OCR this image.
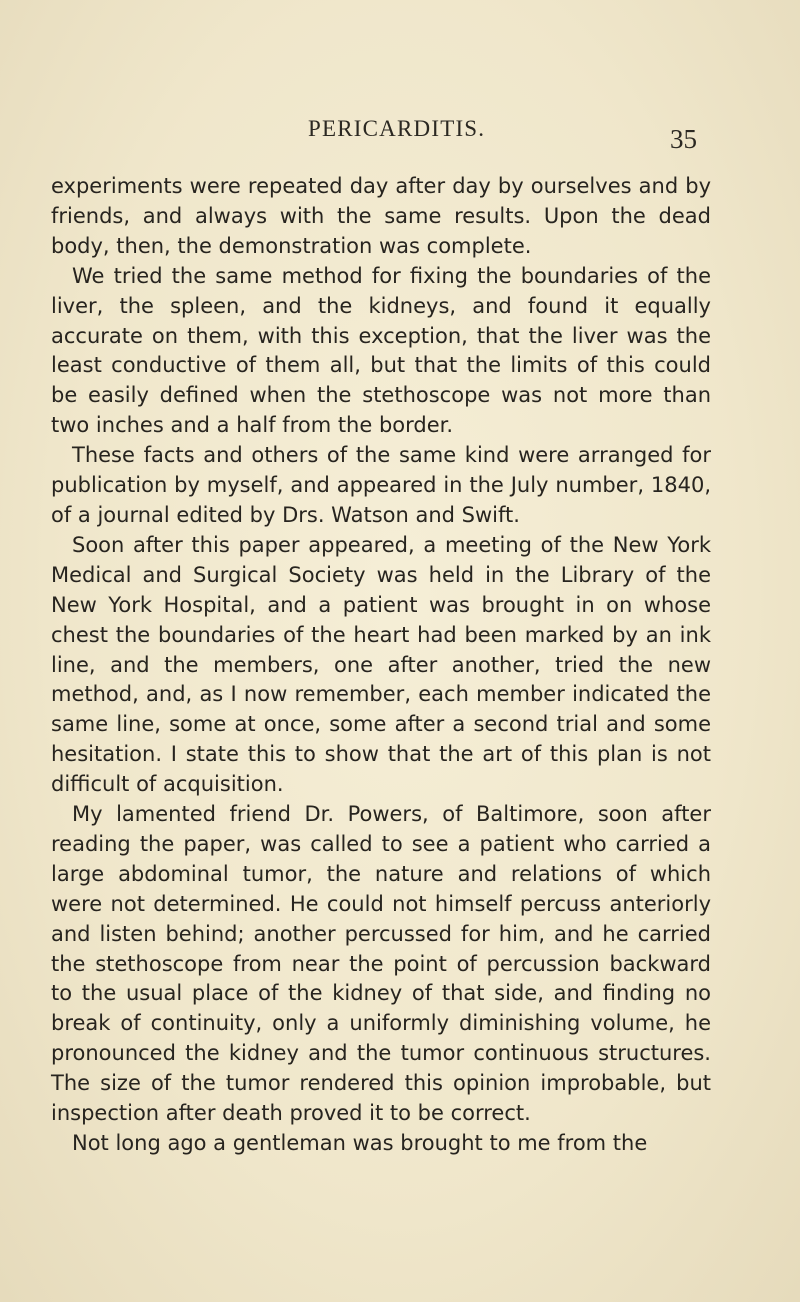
PERICARDITIS.	35

experiments were repeated day after day by ourselves and by friends, and always with the same results. Upon the dead body, then, the demonstration was complete.

We tried the same method for fixing the boundaries of the liver, the spleen, and the kidneys, and found it equally accurate on them, with this exception, that the liver was the least conductive of them all, but that the limits of this could be easily defined when the stethoscope was not more than two inches and a half from the border.

These facts and others of the same kind were arranged for publication by myself, and appeared in the July number, 1840, of a journal edited by Drs. Watson and Swift.

Soon after this paper appeared, a meeting of the New York Medical and Surgical Society was held in the Library of the New York Hospital, and a patient was brought in on whose chest the boundaries of the heart had been marked by an ink line, and the members, one after another, tried the new method, and, as I now remember, each member indicated the same line, some at once, some after a second trial and some hesitation. I state this to show that the art of this plan is not difficult of acquisition.

My lamented friend Dr. Powers, of Baltimore, soon after reading the paper, was called to see a patient who carried a large abdominal tumor, the nature and relations of which were not determined. He could not himself percuss anteriorly and listen behind; another percussed for him, and he carried the stethoscope from near the point of percussion backward to the usual place of the kidney of that side, and finding no break of continuity, only a uniformly diminishing volume, he pronounced the kidney and the tumor continuous structures. The size of the tumor rendered this opinion improbable, but inspection after death proved it to be correct.

Not long ago a gentleman was brought to me from the
